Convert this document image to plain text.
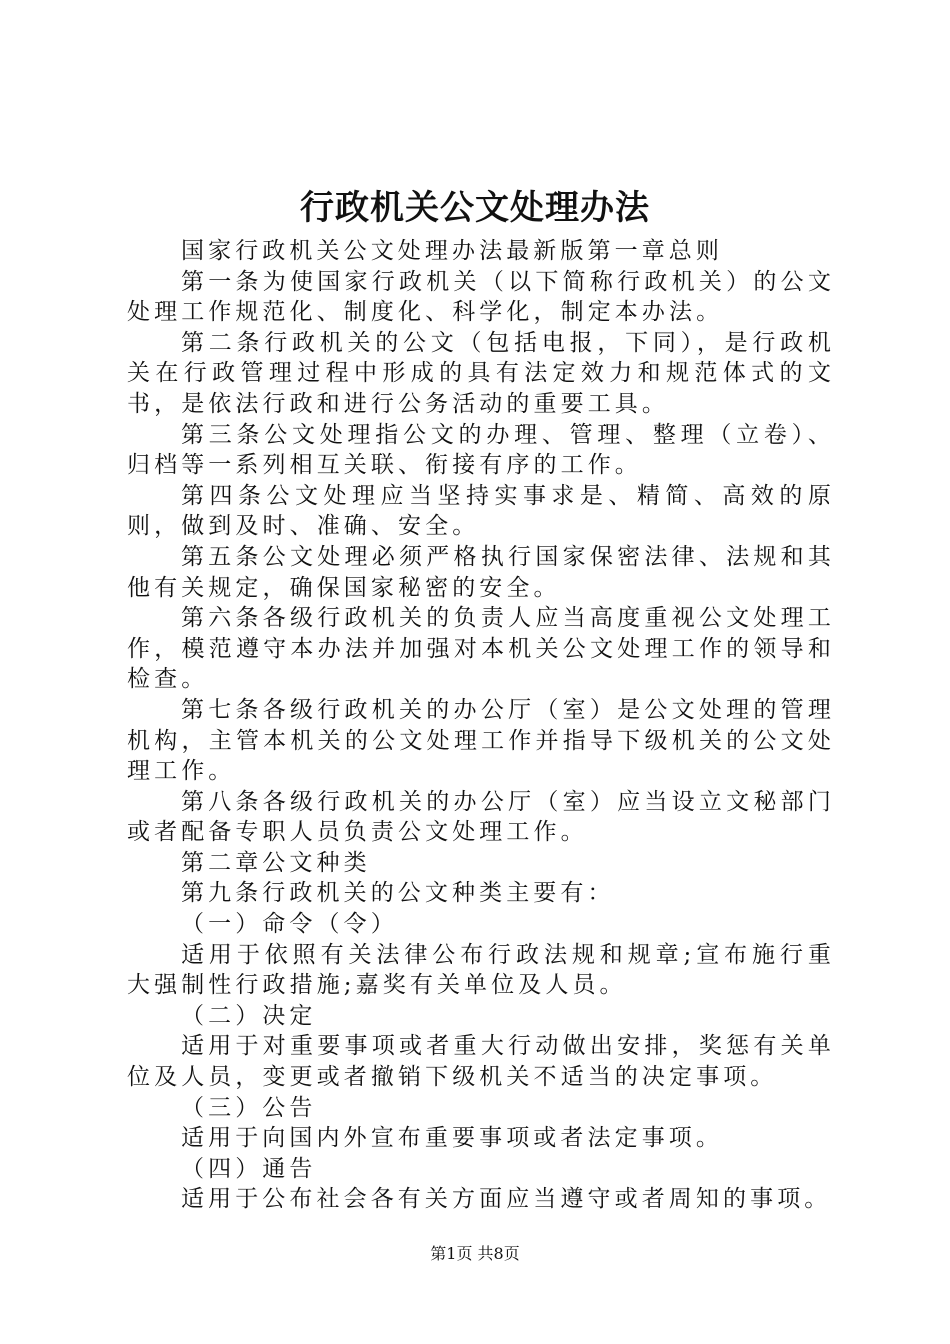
行政机关公文处理办法

国家行政机关公文处理办法最新版第一章总则

第一条为使国家行政机关（以下简称行政机关）的公文处理工作规范化、制度化、科学化，制定本办法。

第二条行政机关的公文（包括电报，下同），是行政机关在行政管理过程中形成的具有法定效力和规范体式的文书，是依法行政和进行公务活动的重要工具。

第三条公文处理指公文的办理、管理、整理（立卷）、归档等一系列相互关联、衔接有序的工作。

第四条公文处理应当坚持实事求是、精简、高效的原则，做到及时、准确、安全。

第五条公文处理必须严格执行国家保密法律、法规和其他有关规定，确保国家秘密的安全。

第六条各级行政机关的负责人应当高度重视公文处理工作，模范遵守本办法并加强对本机关公文处理工作的领导和检查。

第七条各级行政机关的办公厅（室）是公文处理的管理机构，主管本机关的公文处理工作并指导下级机关的公文处理工作。

第八条各级行政机关的办公厅（室）应当设立文秘部门或者配备专职人员负责公文处理工作。

第二章公文种类

第九条行政机关的公文种类主要有：

（一）命令（令）

适用于依照有关法律公布行政法规和规章;宣布施行重大强制性行政措施;嘉奖有关单位及人员。

（二）决定

适用于对重要事项或者重大行动做出安排，奖惩有关单位及人员，变更或者撤销下级机关不适当的决定事项。

（三）公告

适用于向国内外宣布重要事项或者法定事项。

（四）通告

适用于公布社会各有关方面应当遵守或者周知的事项。

第1页 共8页
